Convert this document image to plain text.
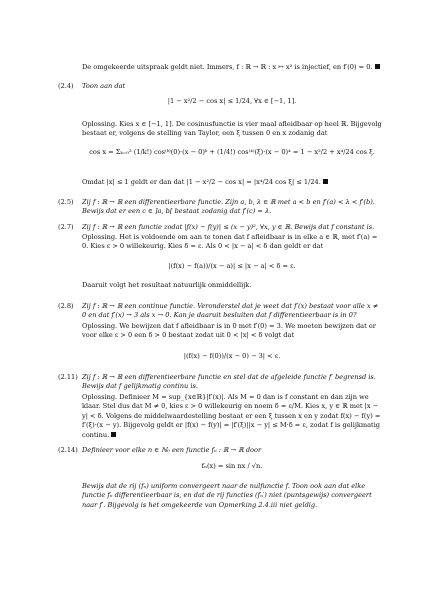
De omgekeerde uitspraak geldt niet. Immers, f : ℝ → ℝ : x ↦ x² is injectief, en f′(0) = 0.
(2.4) Toon aan dat
|1 − x²/2 − cos x| ≤ 1/24, ∀x ∈ [−1, 1].
Oplossing. Kies x ∈ [−1, 1]. De cosinusfunctie is vier maal afleidbaar op heel ℝ. Bijgevolg bestaat er, volgens de stelling van Taylor, een ξ tussen 0 en x zodanig dat
cos x = Σₖ₌₀³ (1/k!) cos⁽ᵏ⁾(0)·(x − 0)ᵏ + (1/4!) cos⁽⁴⁾(ξ)·(x − 0)⁴ = 1 − x²/2 + x⁴/24 cos ξ.
Omdat |x| ≤ 1 geldt er dan dat |1 − x²/2 − cos x| = |x⁴/24 cos ξ| ≤ 1/24.
(2.5) Zij f : ℝ → ℝ een differentieerbare functie. Zijn a, b, λ ∈ ℝ met a < b en f′(a) < λ < f′(b). Bewijs dat er een c ∈ ]a, b[ bestaat zodanig dat f′(c) = λ.
(2.7) Zij f : ℝ → ℝ een functie zodat |f(x) − f(y)| ≤ (x − y)², ∀x, y ∈ ℝ. Bewijs dat f constant is.
Oplossing. Het is voldoende om aan te tonen dat f afleidbaar is in elke a ∈ ℝ, met f′(a) = 0. Kies ε > 0 willekeurig. Kies δ = ε. Als 0 < |x − a| < δ dan geldt er dat
|(f(x) − f(a))/(x − a)| ≤ |x − a| < δ = ε.
Daaruit volgt het resultaat natuurlijk onmiddellijk.
(2.8) Zij f : ℝ → ℝ een continue functie. Veronderstel dat je weet dat f′(x) bestaat voor alle x ≠ 0 en dat f′(x) → 3 als x → 0. Kan je daaruit besluiten dat f differentieerbaar is in 0?
Oplossing. We bewijzen dat f afleidbaar is in 0 met f′(0) = 3. We moeten bewijzen dat er voor elke ε > 0 een δ > 0 bestaat zodat uit 0 < |x| < δ volgt dat
|(f(x) − f(0))/(x − 0) − 3| < ε.
(2.11) Zij f : ℝ → ℝ een differentieerbare functie en stel dat de afgeleide functie f′ begrensd is. Bewijs dat f gelijkmatig continu is.
Oplossing. Definieer M = sup_{x∈ℝ}|f′(x)|. Als M = 0 dan is f constant en dan zijn we klaar. Stel dus dat M ≠ 0, kies ε > 0 willekeurig en noem δ = ε/M. Kies x, y ∈ ℝ met |x − y| < δ. Volgens de middelwaardestelling bestaat er een ξ tussen x en y zodat f(x) − f(y) = f′(ξ)·(x − y). Bijgevolg geldt er |f(x) − f(y)| = |f′(ξ)||x − y| ≤ M·δ = ε, zodat f is gelijkmatig continu.
(2.14) Definieer voor elke n ∈ ℕ₀ een functie fₙ : ℝ → ℝ door
fₙ(x) = sin nx / √n.
Bewijs dat de rij (fₙ) uniform convergeert naar de nulfunctie f. Toon ook aan dat elke functie fₙ differentieerbaar is, en dat de rij functies (fₙ′) niet (puntsgewijs) convergeert naar f′. Bijgevolg is het omgekeerde van Opmerking 2.4.iii niet geldig.
